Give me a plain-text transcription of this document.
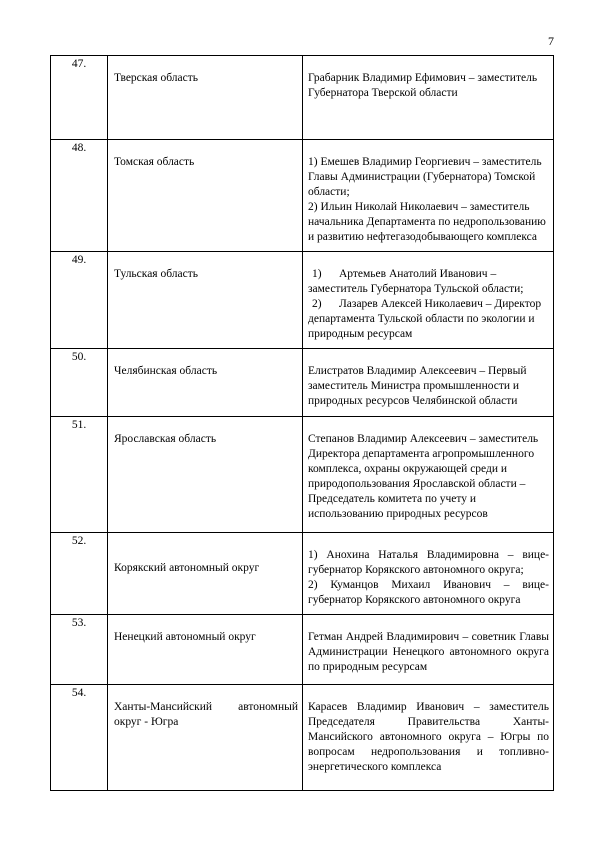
7
47.	Тверская область	Грабарник Владимир Ефимович – заместитель Губернатора Тверской области
48.	Томская область	1) Емешев Владимир Георгиевич – заместитель Главы Администрации (Губернатора) Томской области;
2) Ильин Николай Николаевич – заместитель начальника Департамента по недропользованию и развитию нефтегазодобывающего комплекса

49.	Тульская область	1) Артемьев Анатолий Иванович – заместитель Губернатора Тульской области;
2) Лазарев Алексей Николаевич – Директор департамента Тульской области по экологии и природным ресурсам

50.	Челябинская область	Елистратов Владимир Алексеевич – Первый заместитель Министра промышленности и природных ресурсов Челябинской области
51.	Ярославская область	Степанов Владимир Алексеевич – заместитель Директора департамента агропромышленного комплекса, охраны окружающей среди и природопользования Ярославской области – Председатель комитета по учету и использованию природных ресурсов
52.	Корякский автономный округ	1) Анохина Наталья Владимировна – вице-губернатор Корякского автономного округа;
2) Куманцов Михаил Иванович – вице-губернатор Корякского автономного округа

53.	Ненецкий автономный округ	Гетман Андрей Владимирович – советник Главы Администрации Ненецкого автономного округа по природным ресурсам
54.	Ханты-Мансийский автономный округ - Югра	Карасев Владимир Иванович – заместитель Председателя Правительства Ханты-Мансийского автономного округа – Югры по вопросам недропользования и топливно-энергетического комплекса
